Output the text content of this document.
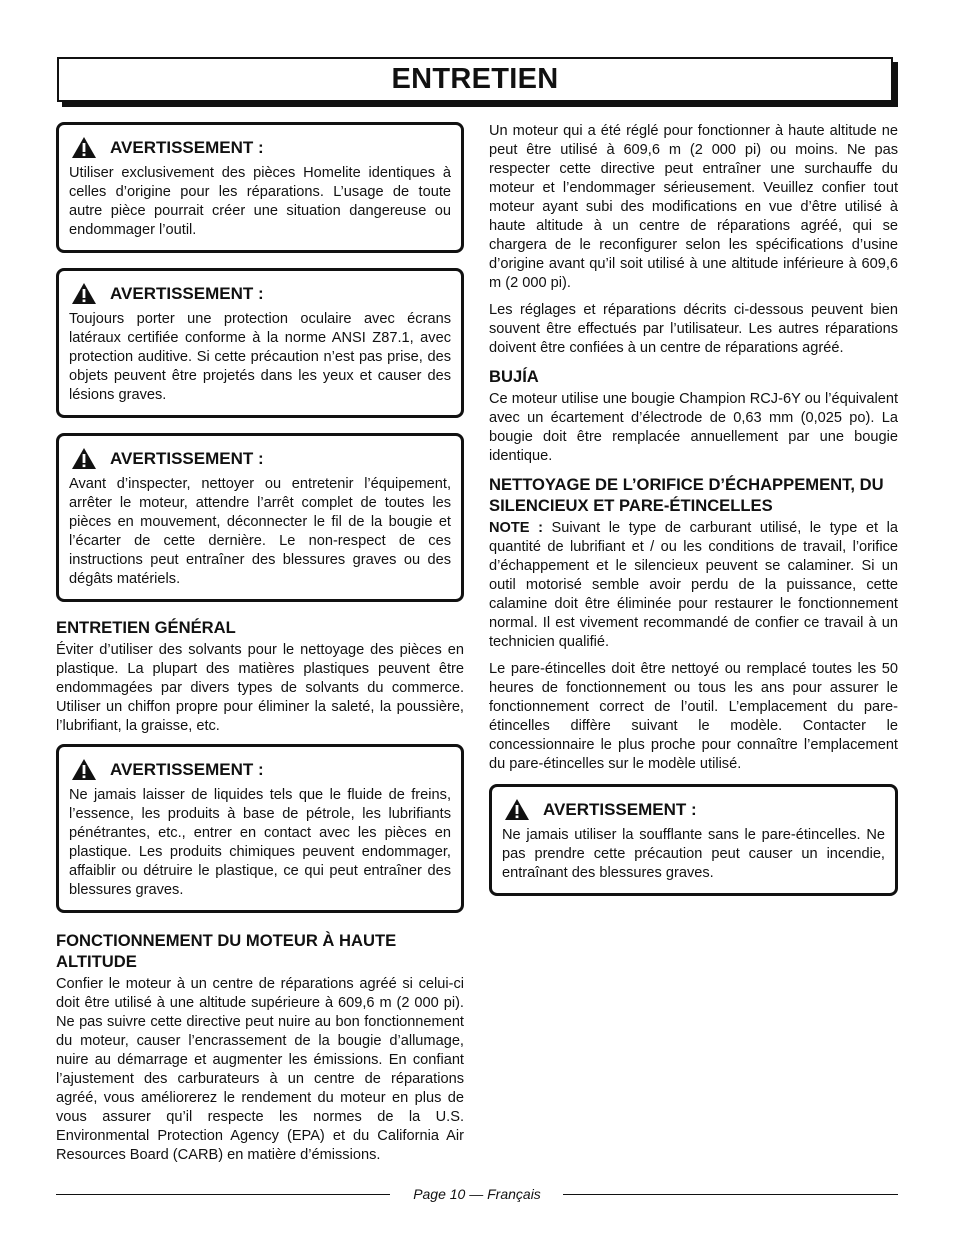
ENTRETIEN
AVERTISSEMENT :

Utiliser exclusivement des pièces Homelite identiques à celles d’origine pour les réparations. L’usage de toute autre pièce pourrait créer une situation dangereuse ou endommager l’outil.

AVERTISSEMENT :

Toujours porter une protection oculaire avec écrans latéraux certifiée conforme à la norme ANSI Z87.1, avec protection auditive. Si cette précaution n’est pas prise, des objets peuvent être projetés dans les yeux et causer des lésions graves.

AVERTISSEMENT :

Avant d’inspecter, nettoyer ou entretenir l’équipement, arrêter le moteur, attendre l’arrêt complet de toutes les pièces en mouvement, déconnecter le fil de la bougie et l’écarter de cette dernière. Le non-respect de ces instructions peut entraîner des blessures graves ou des dégâts matériels.

ENTRETIEN GÉNÉRAL

Éviter d’utiliser des solvants pour le nettoyage des pièces en plastique. La plupart des matières plastiques peuvent être endommagées par divers types de solvants du commerce. Utiliser un chiffon propre pour éliminer la saleté, la poussière, l’lubrifiant, la graisse, etc.

AVERTISSEMENT :

Ne jamais laisser de liquides tels que le fluide de freins, l’essence, les produits à base de pétrole, les lubrifiants pénétrantes, etc., entrer en contact avec les pièces en plastique. Les produits chimiques peuvent endommager, affaiblir ou détruire le plastique, ce qui peut entraîner des blessures graves.

FONCTIONNEMENT DU MOTEUR À HAUTE ALTITUDE

Confier le moteur à un centre de réparations agréé si celui-ci doit être utilisé à une altitude supérieure à 609,6 m (2 000 pi). Ne pas suivre cette directive peut nuire au bon fonctionnement du moteur, causer l’encrassement de la bougie d’allumage, nuire au démarrage et augmenter les émissions. En confiant l’ajustement des carburateurs à un centre de réparations agréé, vous améliorerez le rendement du moteur en plus de vous assurer qu’il respecte les normes de la U.S. Environmental Protection Agency (EPA) et du California Air Resources Board (CARB) en matière d’émissions.

Un moteur qui a été réglé pour fonctionner à haute altitude ne peut être utilisé à 609,6 m (2 000 pi) ou moins. Ne pas respecter cette directive peut entraîner une surchauffe du moteur et l’endommager sérieusement. Veuillez confier tout moteur ayant subi des modifications en vue d’être utilisé à haute altitude à un centre de réparations agréé, qui se chargera de le reconfigurer selon les spécifications d’usine d’origine avant qu’il soit utilisé à une altitude inférieure à 609,6 m (2 000 pi).

Les réglages et réparations décrits ci-dessous peuvent bien souvent être effectués par l’utilisateur. Les autres réparations doivent être confiées à un centre de réparations agréé.

BUJÍA

Ce moteur utilise une bougie Champion RCJ-6Y ou l’équivalent avec un écartement d’électrode de 0,63 mm (0,025 po). La bougie doit être remplacée annuellement par une bougie identique.

NETTOYAGE DE L’ORIFICE D’ÉCHAPPEMENT, DU SILENCIEUX ET PARE-ÉTINCELLES

NOTE : Suivant le type de carburant utilisé, le type et la quantité de lubrifiant et / ou les conditions de travail, l’orifice d’échappement et le silencieux peuvent se calaminer. Si un outil motorisé semble avoir perdu de la puissance, cette calamine doit être éliminée pour restaurer le fonctionnement normal. Il est vivement recommandé de confier ce travail à un technicien qualifié.

Le pare-étincelles doit être nettoyé ou remplacé toutes les 50 heures de fonctionnement ou tous les ans pour assurer le fonctionnement correct de l’outil. L’emplacement du pare-étincelles diffère suivant le modèle. Contacter le concessionnaire le plus proche pour connaître l’emplacement du pare-étincelles sur le modèle utilisé.

AVERTISSEMENT :

Ne jamais utiliser la soufflante sans le pare-étincelles. Ne pas prendre cette précaution peut causer un incendie, entraînant des blessures graves.

Page 10 — Français
